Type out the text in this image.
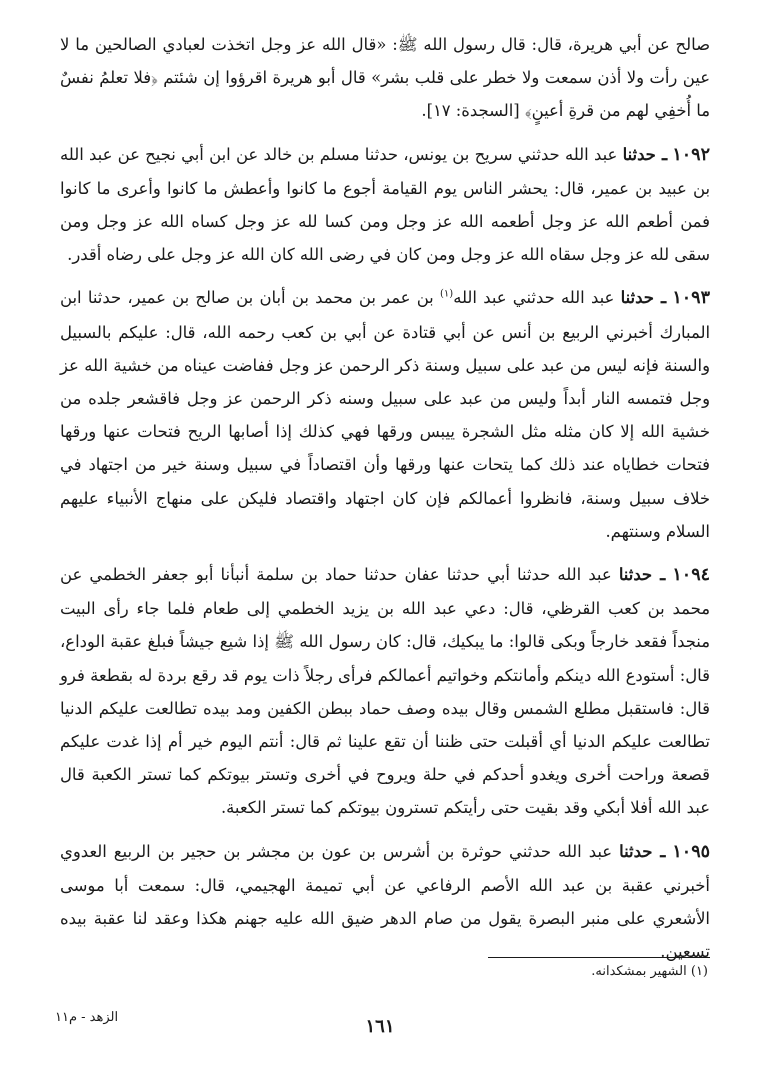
صالح عن أبي هريرة، قال: قال رسول الله ﷺ: «قال الله عز وجل اتخذت لعبادي الصالحين ما لا عين رأت ولا أذن سمعت ولا خطر على قلب بشر» قال أبو هريرة اقرؤوا إن شئتم ﴿فلا تعلمُ نفسٌ ما أُخفِي لهم من قرةِ أعينٍ﴾ [السجدة: ١٧].

١٠٩٢ ـ حدثنا عبد الله حدثني سريح بن يونس، حدثنا مسلم بن خالد عن ابن أبي نجيح عن عبد الله بن عبيد بن عمير، قال: يحشر الناس يوم القيامة أجوع ما كانوا وأعطش ما كانوا وأعرى ما كانوا فمن أطعم الله عز وجل أطعمه الله عز وجل ومن كسا لله عز وجل كساه الله عز وجل ومن سقى لله عز وجل سقاه الله عز وجل ومن كان في رضى الله كان الله عز وجل على رضاه أقدر.

١٠٩٣ ـ حدثنا عبد الله حدثني عبد الله$^{(١)}$ بن عمر بن محمد بن أبان بن صالح بن عمير، حدثنا ابن المبارك أخبرني الربيع بن أنس عن أبي قتادة عن أبي بن كعب رحمه الله، قال: عليكم بالسبيل والسنة فإنه ليس من عبد على سبيل وسنة ذكر الرحمن عز وجل ففاضت عيناه من خشية الله عز وجل فتمسه النار أبداً وليس من عبد على سبيل وسنه ذكر الرحمن عز وجل فاقشعر جلده من خشية الله إلا كان مثله مثل الشجرة ييبس ورقها فهي كذلك إذا أصابها الريح فتحات عنها ورقها فتحات خطاياه عند ذلك كما يتحات عنها ورقها وأن اقتصاداً في سبيل وسنة خير من اجتهاد في خلاف سبيل وسنة، فانظروا أعمالكم فإن كان اجتهاد واقتصاد فليكن على منهاج الأنبياء عليهم السلام وسنتهم.

١٠٩٤ ـ حدثنا عبد الله حدثنا أبي حدثنا عفان حدثنا حماد بن سلمة أنبأنا أبو جعفر الخطمي عن محمد بن كعب القرظي، قال: دعي عبد الله بن يزيد الخطمي إلى طعام فلما جاء رأى البيت منجداً فقعد خارجاً وبكى قالوا: ما يبكيك، قال: كان رسول الله ﷺ إذا شيع جيشاً فبلغ عقبة الوداع، قال: أستودع الله دينكم وأمانتكم وخواتيم أعمالكم فرأى رجلاً ذات يوم قد رقع بردة له بقطعة فرو قال: فاستقبل مطلع الشمس وقال بيده وصف حماد ببطن الكفين ومد بيده تطالعت عليكم الدنيا تطالعت عليكم الدنيا أي أقبلت حتى ظننا أن تقع علينا ثم قال: أنتم اليوم خير أم إذا غدت عليكم قصعة وراحت أخرى ويغدو أحدكم في حلة ويروح في أخرى وتستر بيوتكم كما تستر الكعبة قال عبد الله أفلا أبكي وقد بقيت حتى رأيتكم تسترون بيوتكم كما تستر الكعبة.

١٠٩٥ ـ حدثنا عبد الله حدثني حوثرة بن أشرس بن عون بن مجشر بن حجير بن الربيع العدوي أخبرني عقبة بن عبد الله الأصم الرفاعي عن أبي تميمة الهجيمي، قال: سمعت أبا موسى الأشعري على منبر البصرة يقول من صام الدهر ضيق الله عليه جهنم هكذا وعقد لنا عقبة بيده تسعين.

(١) الشهير بمشكدانه.
١٦١
الزهد - م١١
